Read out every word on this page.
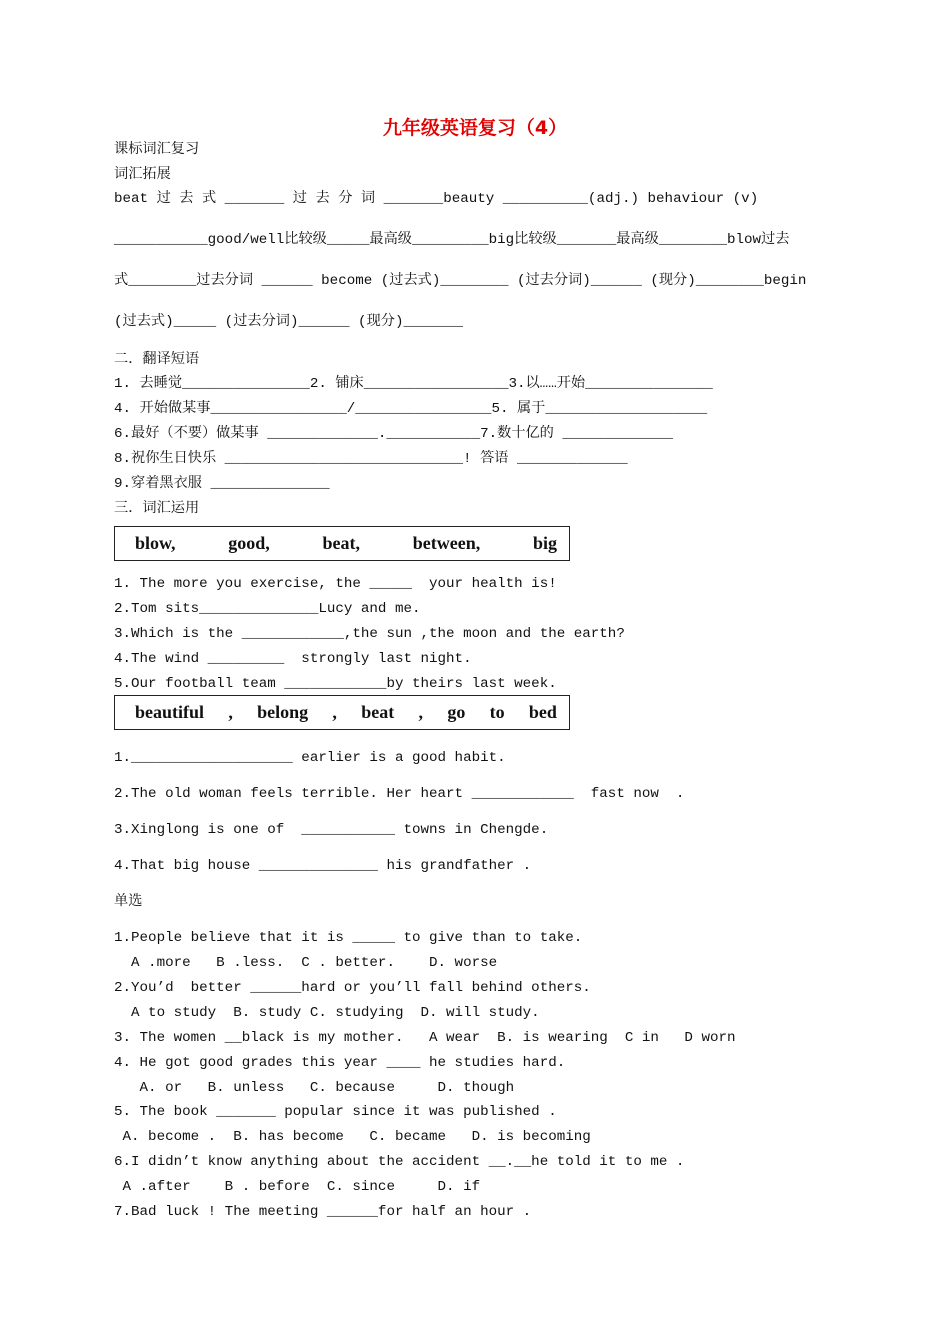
九年级英语复习（4）
课标词汇复习
词汇拓展
beat 过 去 式 _______ 过 去 分 词 _______beauty __________(adj.) behaviour (v)
___________good/well比较级_____最高级_________big比较级_______最高级________blow过去
式________过去分词 ______ become (过去式)________ (过去分词)______ (现分)________begin
(过去式)_____ (过去分词)______ (现分)_______
二．翻译短语
1. 去睡觉_______________2. 铺床_________________3.以……开始_______________
4. 开始做某事________________/________________5. 属于___________________
6.最好（不要）做某事 _____________.___________7.数十亿的 _____________
8.祝你生日快乐 ____________________________! 答语 _____________
9.穿着黑衣服 ______________
三．词汇运用
blow,	good,	beat,	between,	big
1. The more you exercise, the _____  your health is!
2.Tom sits______________Lucy and me.
3.Which is the ____________,the sun ,the moon and the earth?
4.The wind _________  strongly last night.
5.Our football team ____________by theirs last week.
beautiful , belong , beat , go to bed
1.___________________ earlier is a good habit.
2.The old woman feels terrible. Her heart ____________  fast now  .
3.Xinglong is one of  ___________ towns in Chengde.
4.That big house ______________ his grandfather .
单选
1.People believe that it is _____ to give than to take.
A .more   B .less.  C . better.    D. worse
2.You’d  better ______hard or you’ll fall behind others.
A to study  B. study C. studying  D. will study.
3. The women __black is my mother.   A wear  B. is wearing  C in   D worn
4. He got good grades this year ____ he studies hard.
A. or   B. unless   C. because     D. though
5. The book _______ popular since it was published .
A. become .  B. has become   C. became   D. is becoming
6.I didn’t know anything about the accident __.__he told it to me .
A .after    B . before  C. since     D. if
7.Bad luck ! The meeting ______for half an hour .
